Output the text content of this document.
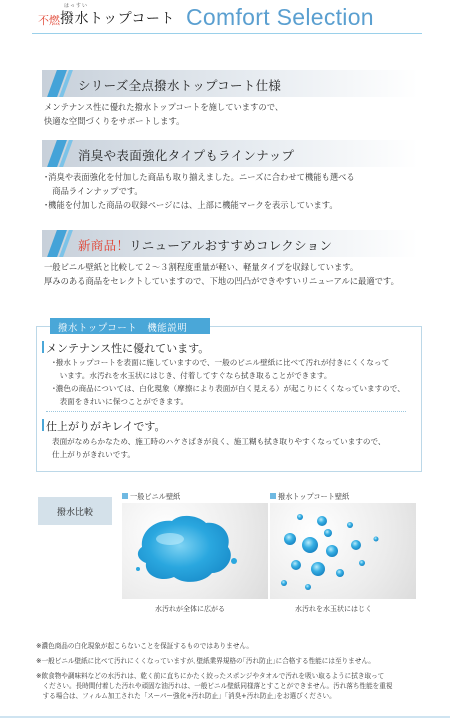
不燃
はっすい
撥水トップコート Comfort Selection
シリーズ全点撥水トップコート仕様
メンテナンス性に優れた撥水トップコートを施していますので、
快適な空間づくりをサポートします。
消臭や表面強化タイプもラインナップ
･消臭や表面強化を付加した商品も取り揃えました。ニーズに合わせて機能も選べる
　商品ラインナップです。
･機能を付加した商品の収録ページには、上部に機能マークを表示しています。
新商品！リニューアルおすすめコレクション
一般ビニル壁紙と比較して２～３割程度重量が軽い、軽量タイプを収録しています。
厚みのある商品をセレクトしていますので、下地の凹凸ができやすいリニューアルに最適です。
撥水トップコート　機能説明
メンテナンス性に優れています。
･撥水トップコートを表面に施していますので、一般のビニル壁紙に比べて汚れが付きにくくなって
　います。水汚れを水玉状にはじき、付着してすぐなら拭き取ることができます。
･濃色の商品については、白化現象（摩擦により表面が白く見える）が起こりにくくなっていますので、
　表面をきれいに保つことができます。
仕上がりがキレイです。
表面がなめらかなため、施工時のハケさばきが良く、施工糊も拭き取りやすくなっていますので、
仕上がりがきれいです。
撥水比較
一般ビニル壁紙
水汚れが全体に広がる
撥水トップコート壁紙
水汚れを水玉状にはじく
※濃色商品の白化現象が起こらないことを保証するものではありません。
※一般ビニル壁紙に比べて汚れにくくなっていますが､壁紙業界規格の｢汚れ防止｣に合格する性能には至りません。
※飲食物や調味料などの水汚れは、乾く前に直ちにかたく絞ったスポンジやタオルで汚れを吸い取るように拭き取って
　ください。長時間付着した汚れや頑固な油汚れは、一般ビニル壁紙同様落とすことができません。汚れ落ち性能を重視
　する場合は、フィルム加工された「スーパー強化+汚れ防止」｢消臭+汚れ防止｣をお選びください。
